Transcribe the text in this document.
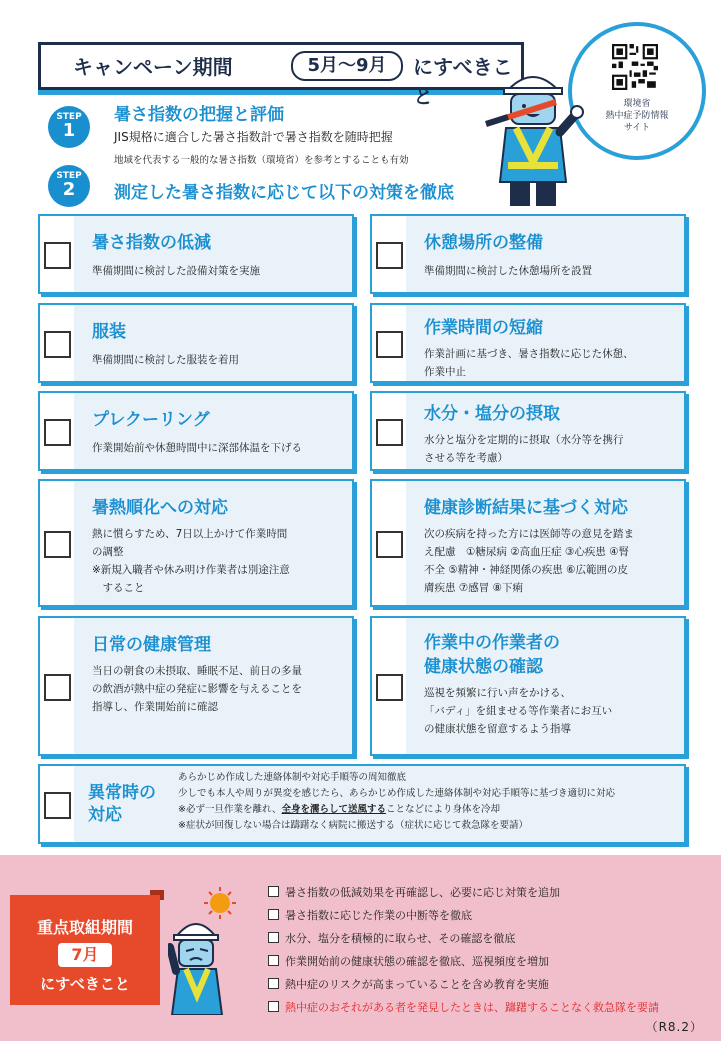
キャンペーン期間	5月〜9月	にすべきこと	環境省
熱中症予防情報
サイト
STEP
1
暑さ指数の把握と評価
JIS規格に適合した暑さ指数計で暑さ指数を随時把握
地域を代表する一般的な暑さ指数（環境省）を参考とすることも有効
STEP
2	測定した暑さ指数に応じて以下の対策を徹底
暑さ指数の低減
準備期間に検討した設備対策を実施
休憩場所の整備
準備期間に検討した休憩場所を設置
服装
準備期間に検討した服装を着用
作業時間の短縮
作業計画に基づき、暑さ指数に応じた休憩、
作業中止
プレクーリング
作業開始前や休憩時間中に深部体温を下げる
水分・塩分の摂取
水分と塩分を定期的に摂取（水分等を携行
させる等を考慮）
暑熱順化への対応
熱に慣らすため、7日以上かけて作業時間
の調整
※新規入職者や休み明け作業者は別途注意
　すること
健康診断結果に基づく対応
次の疾病を持った方には医師等の意見を踏ま
え配慮　①糖尿病 ②高血圧症 ③心疾患 ④腎
不全 ⑤精神・神経関係の疾患 ⑥広範囲の皮
膚疾患 ⑦感冒 ⑧下痢
日常の健康管理
当日の朝食の未摂取、睡眠不足、前日の多量
の飲酒が熱中症の発症に影響を与えることを
指導し、作業開始前に確認
作業中の作業者の
健康状態の確認
巡視を頻繁に行い声をかける、
「バディ」を組ませる等作業者にお互い
の健康状態を留意するよう指導
異常時の
対応
あらかじめ作成した連絡体制や対応手順等の周知徹底
少しでも本人や周りが異変を感じたら、あらかじめ作成した連絡体制や対応手順等に基づき適切に対応
※必ず一旦作業を離れ、全身を濡らして送風することなどにより身体を冷却
※症状が回復しない場合は躊躇なく病院に搬送する（症状に応じて救急隊を要請）
重点取組期間
7月
にすべきこと
暑さ指数の低減効果を再確認し、必要に応じ対策を追加
暑さ指数に応じた作業の中断等を徹底
水分、塩分を積極的に取らせ、その確認を徹底
作業開始前の健康状態の確認を徹底、巡視頻度を増加
熱中症のリスクが高まっていることを含め教育を実施
熱中症のおそれがある者を発見したときは、躊躇することなく救急隊を要請
（R8.2）
